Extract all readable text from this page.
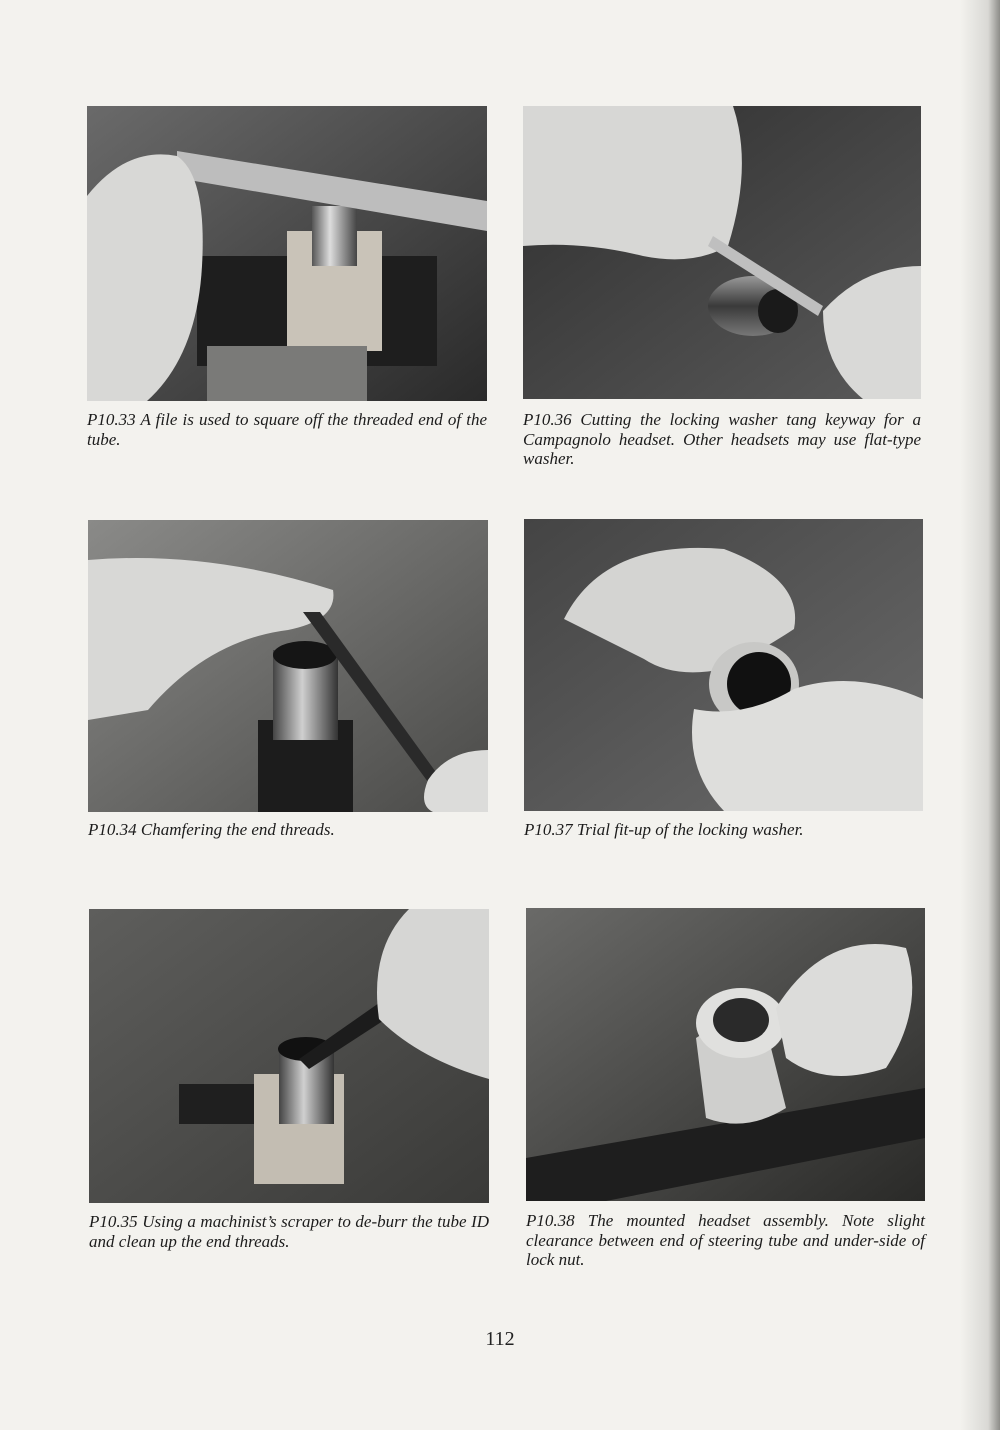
P10.33 A file is used to square off the threaded end of the tube.
P10.36 Cutting the locking washer tang keyway for a Campagnolo headset. Other headsets may use flat-type washer.
P10.34 Chamfering the end threads.	P10.37 Trial fit-up of the locking washer.
P10.35 Using a machinist’s scraper to de-burr the tube ID and clean up the end threads.
P10.38 The mounted headset assembly. Note slight clearance between end of steering tube and under-side of lock nut.
112
